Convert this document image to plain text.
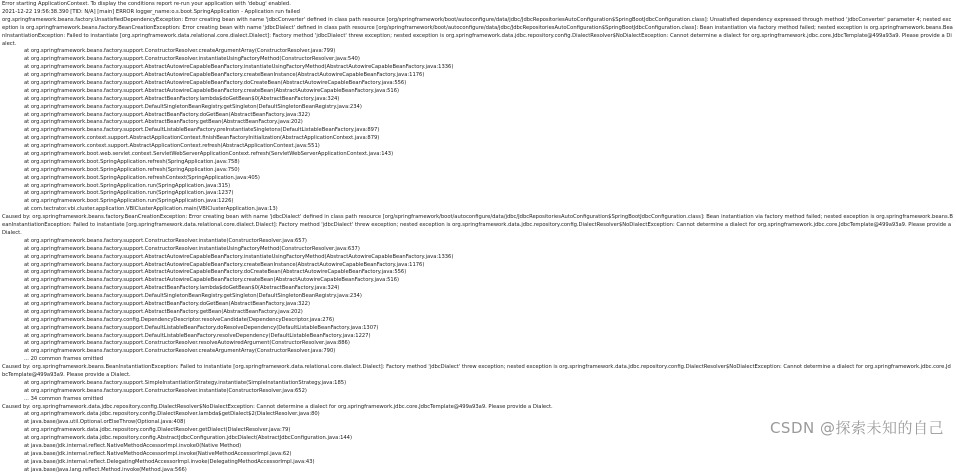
Error starting ApplicationContext. To display the conditions report re-run your application with 'debug' enabled.
2021-12-22 19:56:38.390 [TID: N/A] [main] ERROR logger_name:o.s.boot.SpringApplication - Application run failed
org.springframework.beans.factory.UnsatisfiedDependencyException: Error creating bean with name 'jdbcConverter' defined in class path resource [org/springframework/boot/autoconfigure/data/jdbc/JdbcRepositoriesAutoConfiguration$SpringBootJdbcConfiguration.class]: Unsatisfied dependency expressed through method 'jdbcConverter' parameter 4; nested exception is org.springframework.beans.factory.BeanCreationException: Error creating bean with name 'jdbcDialect' defined in class path resource [org/springframework/boot/autoconfigure/data/jdbc/JdbcRepositoriesAutoConfiguration$SpringBootJdbcConfiguration.class]: Bean instantiation via factory method failed; nested exception is org.springframework.beans.BeanInstantiationException: Failed to instantiate [org.springframework.data.relational.core.dialect.Dialect]: Factory method 'jdbcDialect' threw exception; nested exception is org.springframework.data.jdbc.repository.config.DialectResolver$NoDialectException: Cannot determine a dialect for org.springframework.jdbc.core.JdbcTemplate@499a93a9. Please provide a Dialect.
at org.springframework.beans.factory.support.ConstructorResolver.createArgumentArray(ConstructorResolver.java:799)
at org.springframework.beans.factory.support.ConstructorResolver.instantiateUsingFactoryMethod(ConstructorResolver.java:540)
at org.springframework.beans.factory.support.AbstractAutowireCapableBeanFactory.instantiateUsingFactoryMethod(AbstractAutowireCapableBeanFactory.java:1336)
at org.springframework.beans.factory.support.AbstractAutowireCapableBeanFactory.createBeanInstance(AbstractAutowireCapableBeanFactory.java:1176)
at org.springframework.beans.factory.support.AbstractAutowireCapableBeanFactory.doCreateBean(AbstractAutowireCapableBeanFactory.java:556)
at org.springframework.beans.factory.support.AbstractAutowireCapableBeanFactory.createBean(AbstractAutowireCapableBeanFactory.java:516)
at org.springframework.beans.factory.support.AbstractBeanFactory.lambda$doGetBean$0(AbstractBeanFactory.java:324)
at org.springframework.beans.factory.support.DefaultSingletonBeanRegistry.getSingleton(DefaultSingletonBeanRegistry.java:234)
at org.springframework.beans.factory.support.AbstractBeanFactory.doGetBean(AbstractBeanFactory.java:322)
at org.springframework.beans.factory.support.AbstractBeanFactory.getBean(AbstractBeanFactory.java:202)
at org.springframework.beans.factory.support.DefaultListableBeanFactory.preInstantiateSingletons(DefaultListableBeanFactory.java:897)
at org.springframework.context.support.AbstractApplicationContext.finishBeanFactoryInitialization(AbstractApplicationContext.java:879)
at org.springframework.context.support.AbstractApplicationContext.refresh(AbstractApplicationContext.java:551)
at org.springframework.boot.web.servlet.context.ServletWebServerApplicationContext.refresh(ServletWebServerApplicationContext.java:143)
at org.springframework.boot.SpringApplication.refresh(SpringApplication.java:758)
at org.springframework.boot.SpringApplication.refresh(SpringApplication.java:750)
at org.springframework.boot.SpringApplication.refreshContext(SpringApplication.java:405)
at org.springframework.boot.SpringApplication.run(SpringApplication.java:315)
at org.springframework.boot.SpringApplication.run(SpringApplication.java:1237)
at org.springframework.boot.SpringApplication.run(SpringApplication.java:1226)
at com.tectrator.vbi.cluster.application.VBIClusterApplication.main(VBIClusterApplication.java:13)
Caused by: org.springframework.beans.factory.BeanCreationException: Error creating bean with name 'jdbcDialect' defined in class path resource [org/springframework/boot/autoconfigure/data/jdbc/JdbcRepositoriesAutoConfiguration$SpringBootJdbcConfiguration.class]: Bean instantiation via factory method failed; nested exception is org.springframework.beans.BeanInstantiationException: Failed to instantiate [org.springframework.data.relational.core.dialect.Dialect]: Factory method 'jdbcDialect' threw exception; nested exception is org.springframework.data.jdbc.repository.config.DialectResolver$NoDialectException: Cannot determine a dialect for org.springframework.jdbc.core.JdbcTemplate@499a93a9. Please provide a Dialect.
at org.springframework.beans.factory.support.ConstructorResolver.instantiate(ConstructorResolver.java:657)
at org.springframework.beans.factory.support.ConstructorResolver.instantiateUsingFactoryMethod(ConstructorResolver.java:637)
at org.springframework.beans.factory.support.AbstractAutowireCapableBeanFactory.instantiateUsingFactoryMethod(AbstractAutowireCapableBeanFactory.java:1336)
at org.springframework.beans.factory.support.AbstractAutowireCapableBeanFactory.createBeanInstance(AbstractAutowireCapableBeanFactory.java:1176)
at org.springframework.beans.factory.support.AbstractAutowireCapableBeanFactory.doCreateBean(AbstractAutowireCapableBeanFactory.java:556)
at org.springframework.beans.factory.support.AbstractAutowireCapableBeanFactory.createBean(AbstractAutowireCapableBeanFactory.java:516)
at org.springframework.beans.factory.support.AbstractBeanFactory.lambda$doGetBean$0(AbstractBeanFactory.java:324)
at org.springframework.beans.factory.support.DefaultSingletonBeanRegistry.getSingleton(DefaultSingletonBeanRegistry.java:234)
at org.springframework.beans.factory.support.AbstractBeanFactory.doGetBean(AbstractBeanFactory.java:322)
at org.springframework.beans.factory.support.AbstractBeanFactory.getBean(AbstractBeanFactory.java:202)
at org.springframework.beans.factory.config.DependencyDescriptor.resolveCandidate(DependencyDescriptor.java:276)
at org.springframework.beans.factory.support.DefaultListableBeanFactory.doResolveDependency(DefaultListableBeanFactory.java:1307)
at org.springframework.beans.factory.support.DefaultListableBeanFactory.resolveDependency(DefaultListableBeanFactory.java:1227)
at org.springframework.beans.factory.support.ConstructorResolver.resolveAutowiredArgument(ConstructorResolver.java:886)
at org.springframework.beans.factory.support.ConstructorResolver.createArgumentArray(ConstructorResolver.java:790)
... 20 common frames omitted
Caused by: org.springframework.beans.BeanInstantiationException: Failed to instantiate [org.springframework.data.relational.core.dialect.Dialect]: Factory method 'jdbcDialect' threw exception; nested exception is org.springframework.data.jdbc.repository.config.DialectResolver$NoDialectException: Cannot determine a dialect for org.springframework.jdbc.core.JdbcTemplate@499a93a9. Please provide a Dialect.
at org.springframework.beans.factory.support.SimpleInstantiationStrategy.instantiate(SimpleInstantiationStrategy.java:185)
at org.springframework.beans.factory.support.ConstructorResolver.instantiate(ConstructorResolver.java:652)
... 34 common frames omitted
Caused by: org.springframework.data.jdbc.repository.config.DialectResolver$NoDialectException: Cannot determine a dialect for org.springframework.jdbc.core.JdbcTemplate@499a93a9. Please provide a Dialect.
at org.springframework.data.jdbc.repository.config.DialectResolver.lambda$getDialect$2(DialectResolver.java:80)
at java.base/java.util.Optional.orElseThrow(Optional.java:408)
at org.springframework.data.jdbc.repository.config.DialectResolver.getDialect(DialectResolver.java:79)
at org.springframework.data.jdbc.repository.config.AbstractJdbcConfiguration.jdbcDialect(AbstractJdbcConfiguration.java:144)
at java.base/jdk.internal.reflect.NativeMethodAccessorImpl.invoke0(Native Method)
at java.base/jdk.internal.reflect.NativeMethodAccessorImpl.invoke(NativeMethodAccessorImpl.java:62)
at java.base/jdk.internal.reflect.DelegatingMethodAccessorImpl.invoke(DelegatingMethodAccessorImpl.java:43)
at java.base/java.lang.reflect.Method.invoke(Method.java:566)
CSDN @探索未知的自己
